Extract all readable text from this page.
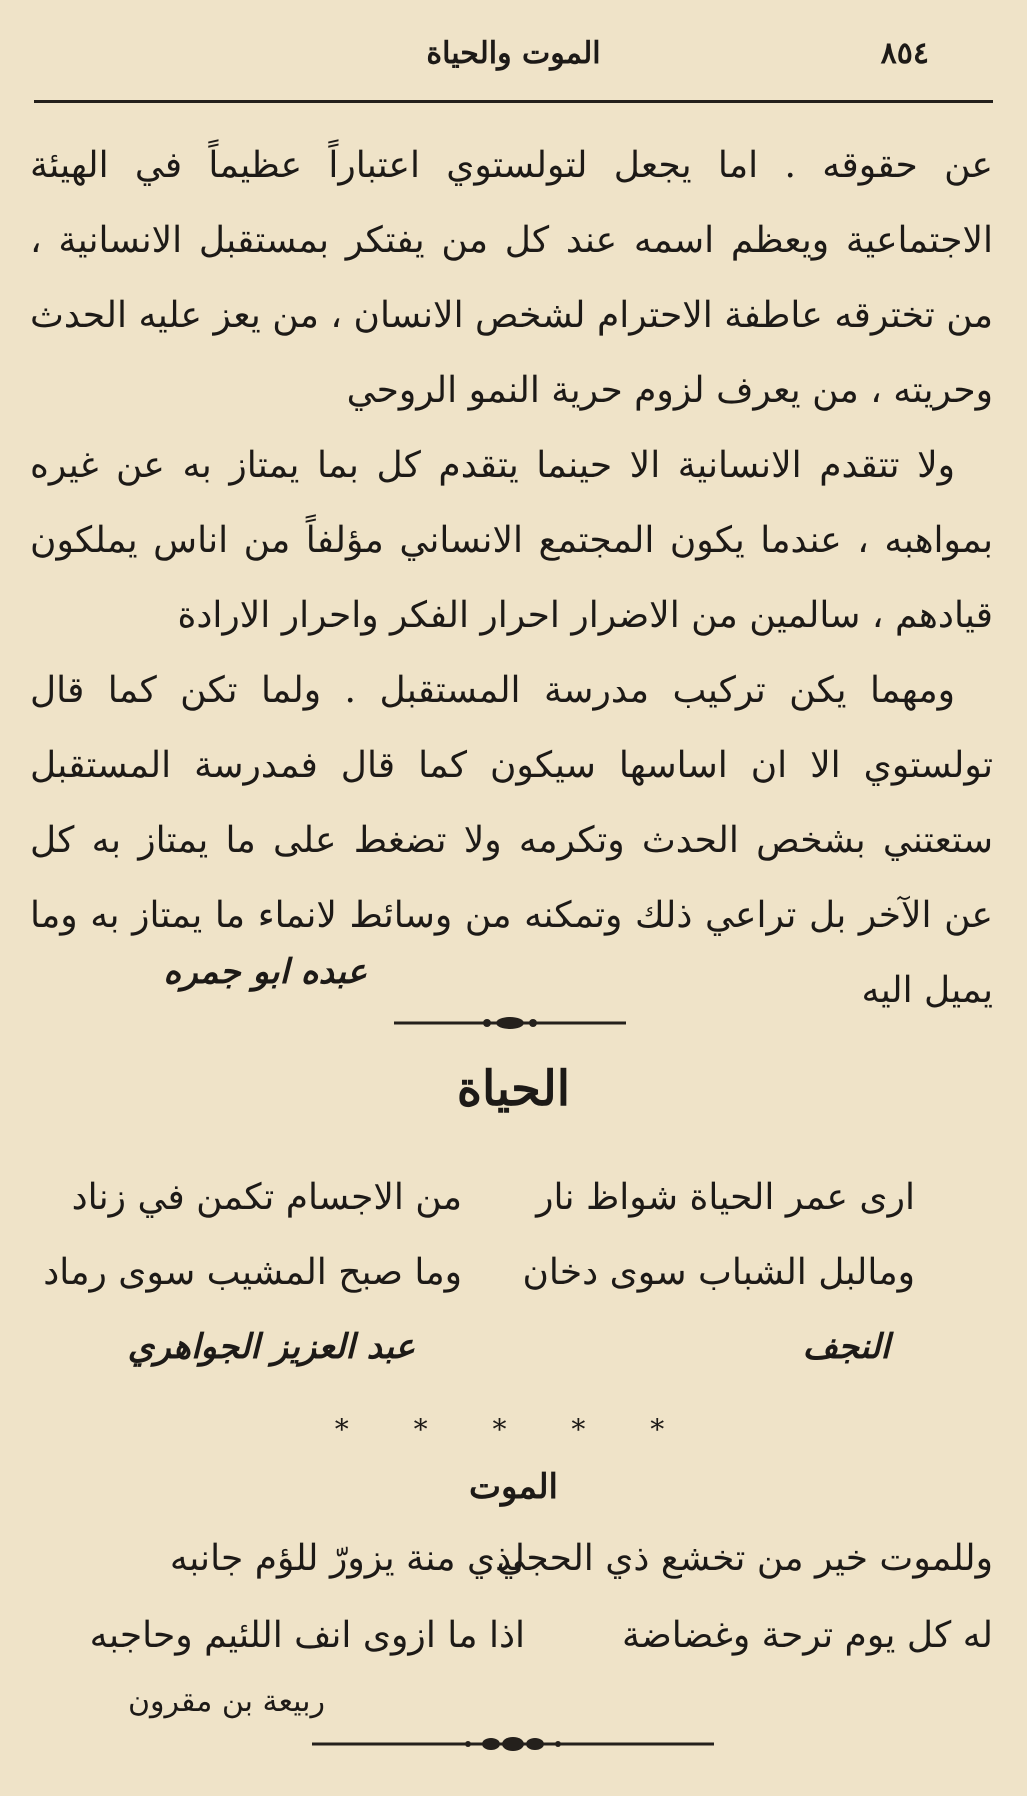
٨٥٤
الموت والحياة

عن حقوقه . اما يجعل لتولستوي اعتباراً عظيماً في الهيئة الاجتماعية ويعظم اسمه عند كل من يفتكر بمستقبل الانسانية ، من تخترقه عاطفة الاحترام لشخص الانسان ، من يعز عليه الحدث وحريته ، من يعرف لزوم حرية النمو الروحي

ولا تتقدم الانسانية الا حينما يتقدم كل بما يمتاز به عن غيره بمواهبه ، عندما يكون المجتمع الانساني مؤلفاً من اناس يملكون قيادهم ، سالمين من الاضرار احرار الفكر واحرار الارادة

ومهما يكن تركيب مدرسة المستقبل . ولما تكن كما قال تولستوي الا ان اساسها سيكون كما قال فمدرسة المستقبل ستعتني بشخص الحدث وتكرمه ولا تضغط على ما يمتاز به كل عن الآخر بل تراعي ذلك وتمكنه من وسائط لانماء ما يمتاز به وما يميل اليه

عبده ابو جمره
الحياة
ارى عمر الحياة شواظ نار
من الاجسام تكمن في زناد
ومالبل الشباب سوى دخان
وما صبح المشيب سوى رماد
النجف
عبد العزيز الجواهري
* * * * *
الموت
وللموت خير من تخشع ذي الحجي
لذي منة يزورّ للؤم جانبه
له كل يوم ترحة وغضاضة
اذا ما ازوى انف اللئيم وحاجبه
ربيعة بن مقرون
